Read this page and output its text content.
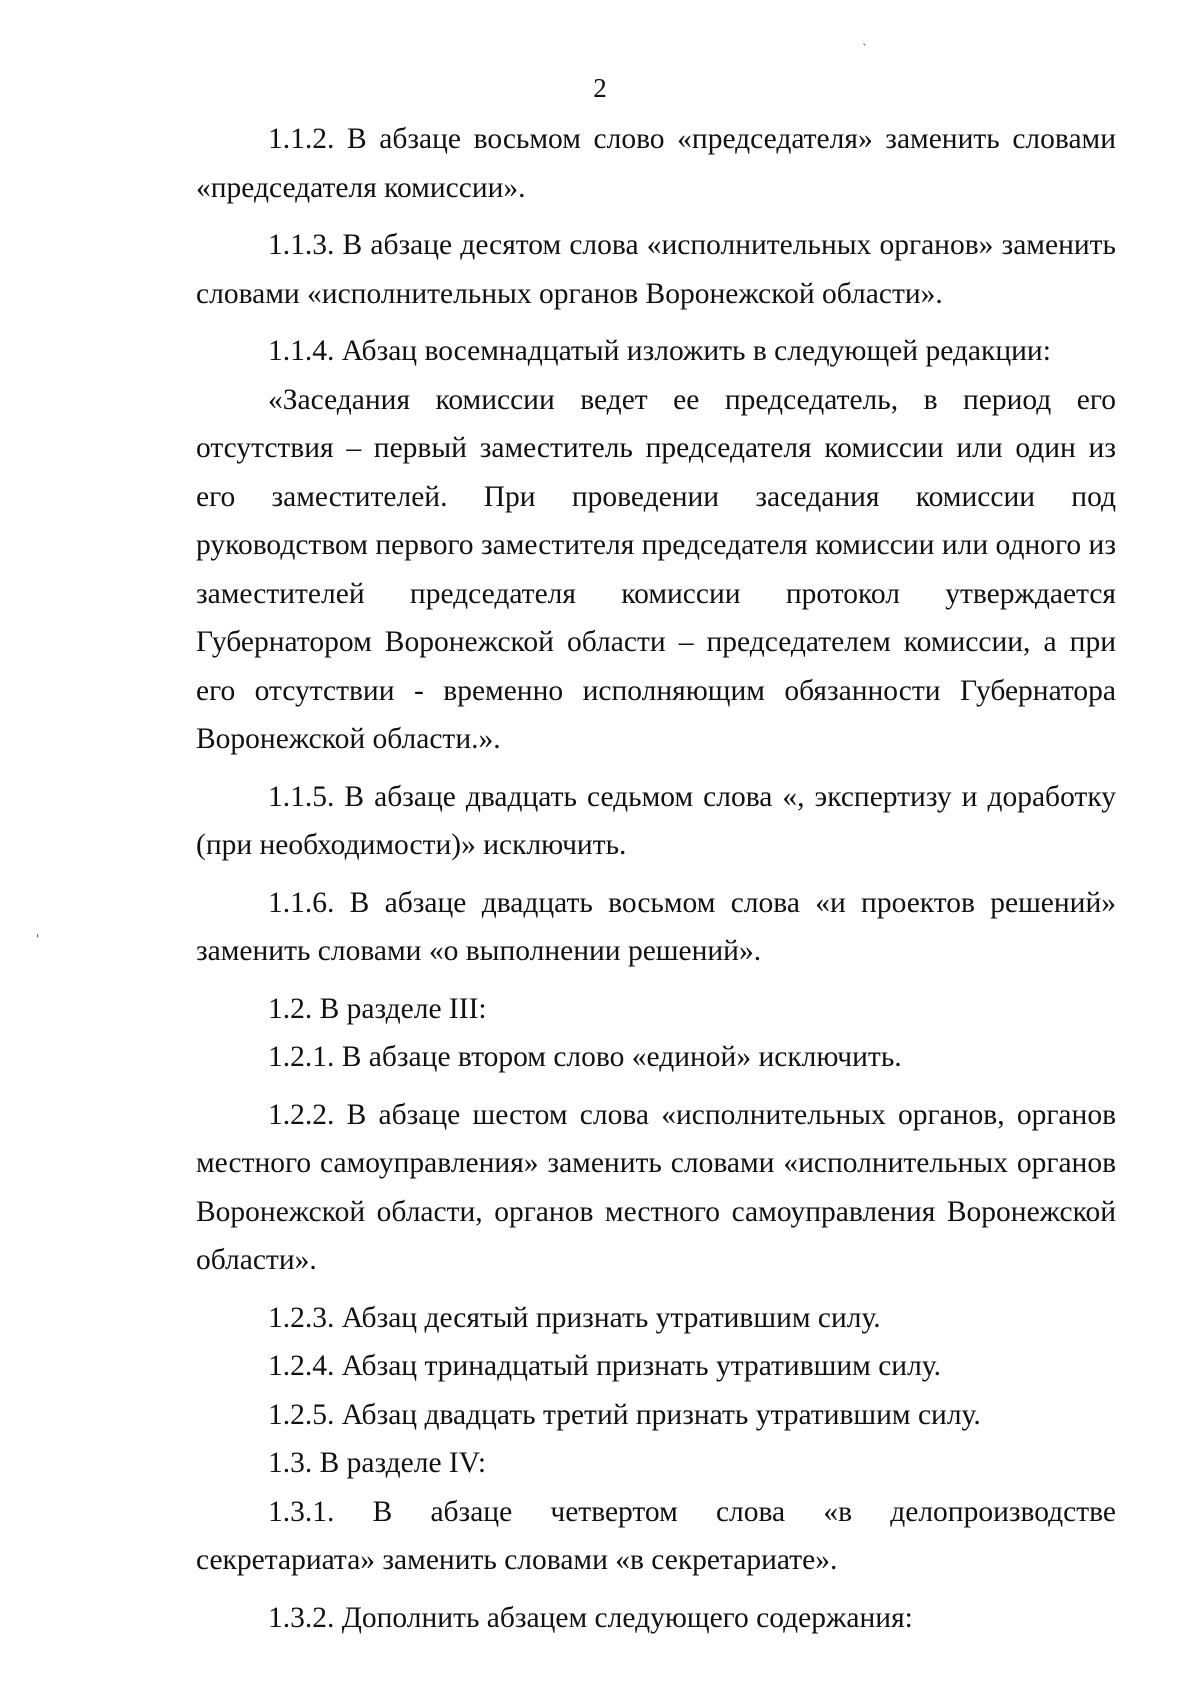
2
`
'

1.1.2. В абзаце восьмом слово «председателя» заменить словами «председателя комиссии».

1.1.3. В абзаце десятом слова «исполнительных органов» заменить словами «исполнительных органов Воронежской области».

1.1.4. Абзац восемнадцатый изложить в следующей редакции:

«Заседания комиссии ведет ее председатель, в период его отсутствия – первый заместитель председателя комиссии или один из его заместителей. При проведении заседания комиссии под руководством первого заместителя председателя комиссии или одного из заместителей председателя комиссии протокол утверждается Губернатором Воронежской области – председателем комиссии, а при его отсутствии - временно исполняющим обязанности Губернатора Воронежской области.».

1.1.5. В абзаце двадцать седьмом слова «, экспертизу и доработку (при необходимости)» исключить.

1.1.6. В абзаце двадцать восьмом слова «и проектов решений» заменить словами «о выполнении решений».

1.2. В разделе III:

1.2.1. В абзаце втором слово «единой» исключить.

1.2.2. В абзаце шестом слова «исполнительных органов, органов местного самоуправления» заменить словами «исполнительных органов Воронежской области, органов местного самоуправления Воронежской области».

1.2.3. Абзац десятый признать утратившим силу.

1.2.4. Абзац тринадцатый признать утратившим силу.

1.2.5. Абзац двадцать третий признать утратившим силу.

1.3. В разделе IV:

1.3.1. В абзаце четвертом слова «в делопроизводстве секретариата» заменить словами «в секретариате».

1.3.2. Дополнить абзацем следующего содержания:
